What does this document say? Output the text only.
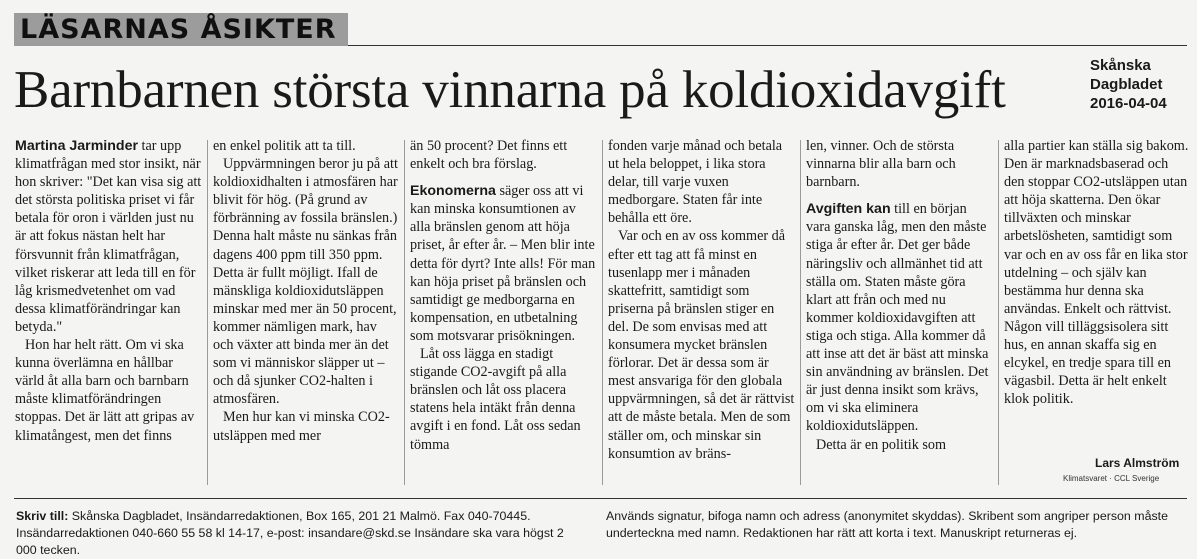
LÄSARNAS ÅSIKTER
Barnbarnen största vinnarna på koldioxidavgift	Skånska
Dagbladet
2016-04-04

Martina Jarminder tar upp klimatfrågan med stor insikt, när hon skriver: "Det kan visa sig att det största politiska priset vi får betala för oron i världen just nu är att fokus nästan helt har försvunnit från klimatfrågan, vilket riskerar att leda till en för låg krismedvetenhet om vad dessa klimatförändringar kan betyda."

Hon har helt rätt. Om vi ska kunna överlämna en hållbar värld åt alla barn och barnbarn måste klimatförändringen stoppas. Det är lätt att gripas av klimatångest, men det finns

en enkel politik att ta till.

Uppvärmningen beror ju på att koldioxidhalten i atmosfären har blivit för hög. (På grund av förbränning av fossila bränslen.) Denna halt måste nu sänkas från dagens 400 ppm till 350 ppm. Detta är fullt möjligt. Ifall de mänskliga koldioxidutsläppen minskar med mer än 50 procent, kommer nämligen mark, hav och växter att binda mer än det som vi människor släpper ut – och då sjunker CO2-halten i atmosfären.

Men hur kan vi minska CO2-utsläppen med mer

än 50 procent? Det finns ett enkelt och bra förslag.

Ekonomerna säger oss att vi kan minska konsumtionen av alla bränslen genom att höja priset, år efter år. – Men blir inte detta för dyrt? Inte alls! För man kan höja priset på bränslen och samtidigt ge medborgarna en kompensation, en utbetalning som motsvarar prisökningen.

Låt oss lägga en stadigt stigande CO2-avgift på alla bränslen och låt oss placera statens hela intäkt från denna avgift i en fond. Låt oss sedan tömma

fonden varje månad och betala ut hela beloppet, i lika stora delar, till varje vuxen medborgare. Staten får inte behålla ett öre.

Var och en av oss kommer då efter ett tag att få minst en tusenlapp mer i månaden skattefritt, samtidigt som priserna på bränslen stiger en del. De som envisas med att konsumera mycket bränslen förlorar. Det är dessa som är mest ansvariga för den globala uppvärmningen, så det är rättvist att de måste betala. Men de som ställer om, och minskar sin konsumtion av bräns-

len, vinner. Och de största vinnarna blir alla barn och barnbarn.

Avgiften kan till en början vara ganska låg, men den måste stiga år efter år. Det ger både näringsliv och allmänhet tid att ställa om. Staten måste göra klart att från och med nu kommer koldioxidavgiften att stiga och stiga. Alla kommer då att inse att det är bäst att minska sin användning av bränslen. Det är just denna insikt som krävs, om vi ska eliminera koldioxidutsläppen.

Detta är en politik som

alla partier kan ställa sig bakom. Den är marknadsbaserad och den stoppar CO2-utsläppen utan att höja skatterna. Den ökar tillväxten och minskar arbetslösheten, samtidigt som var och en av oss får en lika stor utdelning – och själv kan bestämma hur denna ska användas. Enkelt och rättvist. Någon vill tilläggsisolera sitt hus, en annan skaffa sig en elcykel, en tredje spara till en vägasbil. Detta är helt enkelt klok politik.

Lars Almström
Klimatsvaret · CCL Sverige
Skriv till: Skånska Dagbladet, Insändarredaktionen, Box 165, 201 21 Malmö. Fax 040-70445. Insändarredaktionen 040-660 55 58 kl 14-17, e-post: insandare@skd.se Insändare ska vara högst 2 000 tecken.
Används signatur, bifoga namn och adress (anonymitet skyddas). Skribent som angriper person måste underteckna med namn. Redaktionen har rätt att korta i text. Manuskript returneras ej.
